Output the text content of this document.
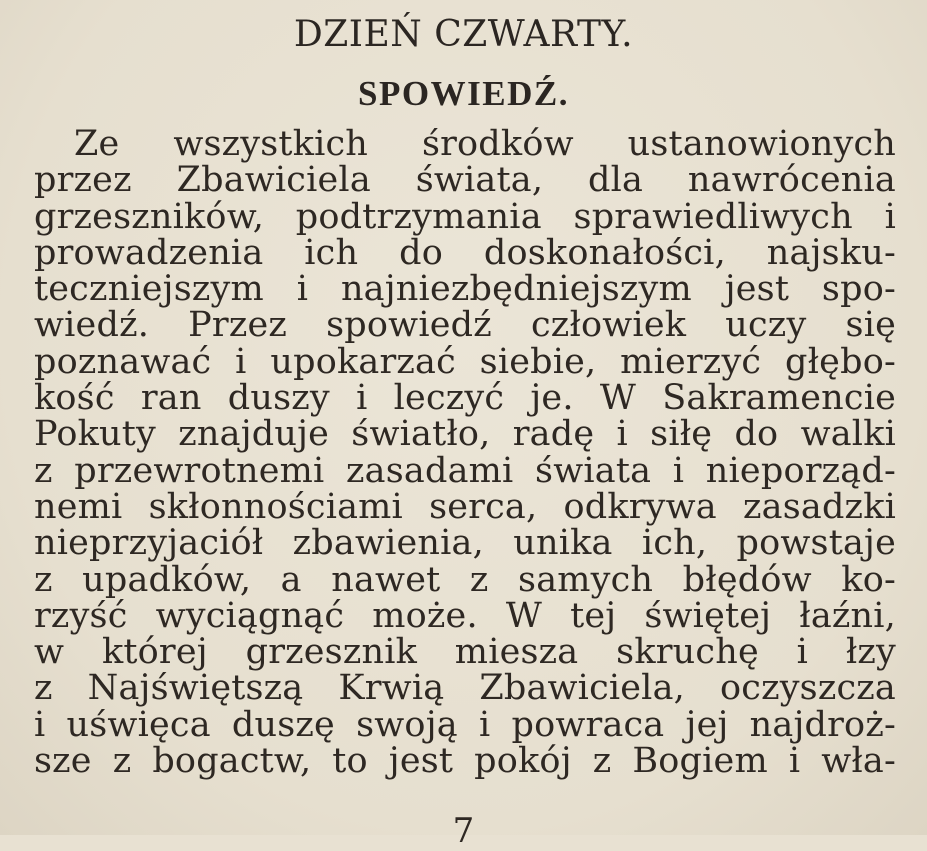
DZIEŃ CZWARTY.
SPOWIEDŹ.
Ze wszystkich środków ustanowionych
przez Zbawiciela świata, dla nawrócenia
grzeszników, podtrzymania sprawiedliwych i
prowadzenia ich do doskonałości, najsku-
teczniejszym i najniezbędniejszym jest spo-
wiedź. Przez spowiedź człowiek uczy się
poznawać i upokarzać siebie, mierzyć głębo-
kość ran duszy i leczyć je. W Sakramencie
Pokuty znajduje światło, radę i siłę do walki
z przewrotnemi zasadami świata i nieporząd-
nemi skłonnościami serca, odkrywa zasadzki
nieprzyjaciół zbawienia, unika ich, powstaje
z upadków, a nawet z samych błędów ko-
rzyść wyciągnąć może. W tej świętej łaźni,
w której grzesznik miesza skruchę i łzy
z Najświętszą Krwią Zbawiciela, oczyszcza
i uświęca duszę swoją i powraca jej najdroż-
sze z bogactw, to jest pokój z Bogiem i wła-
7
